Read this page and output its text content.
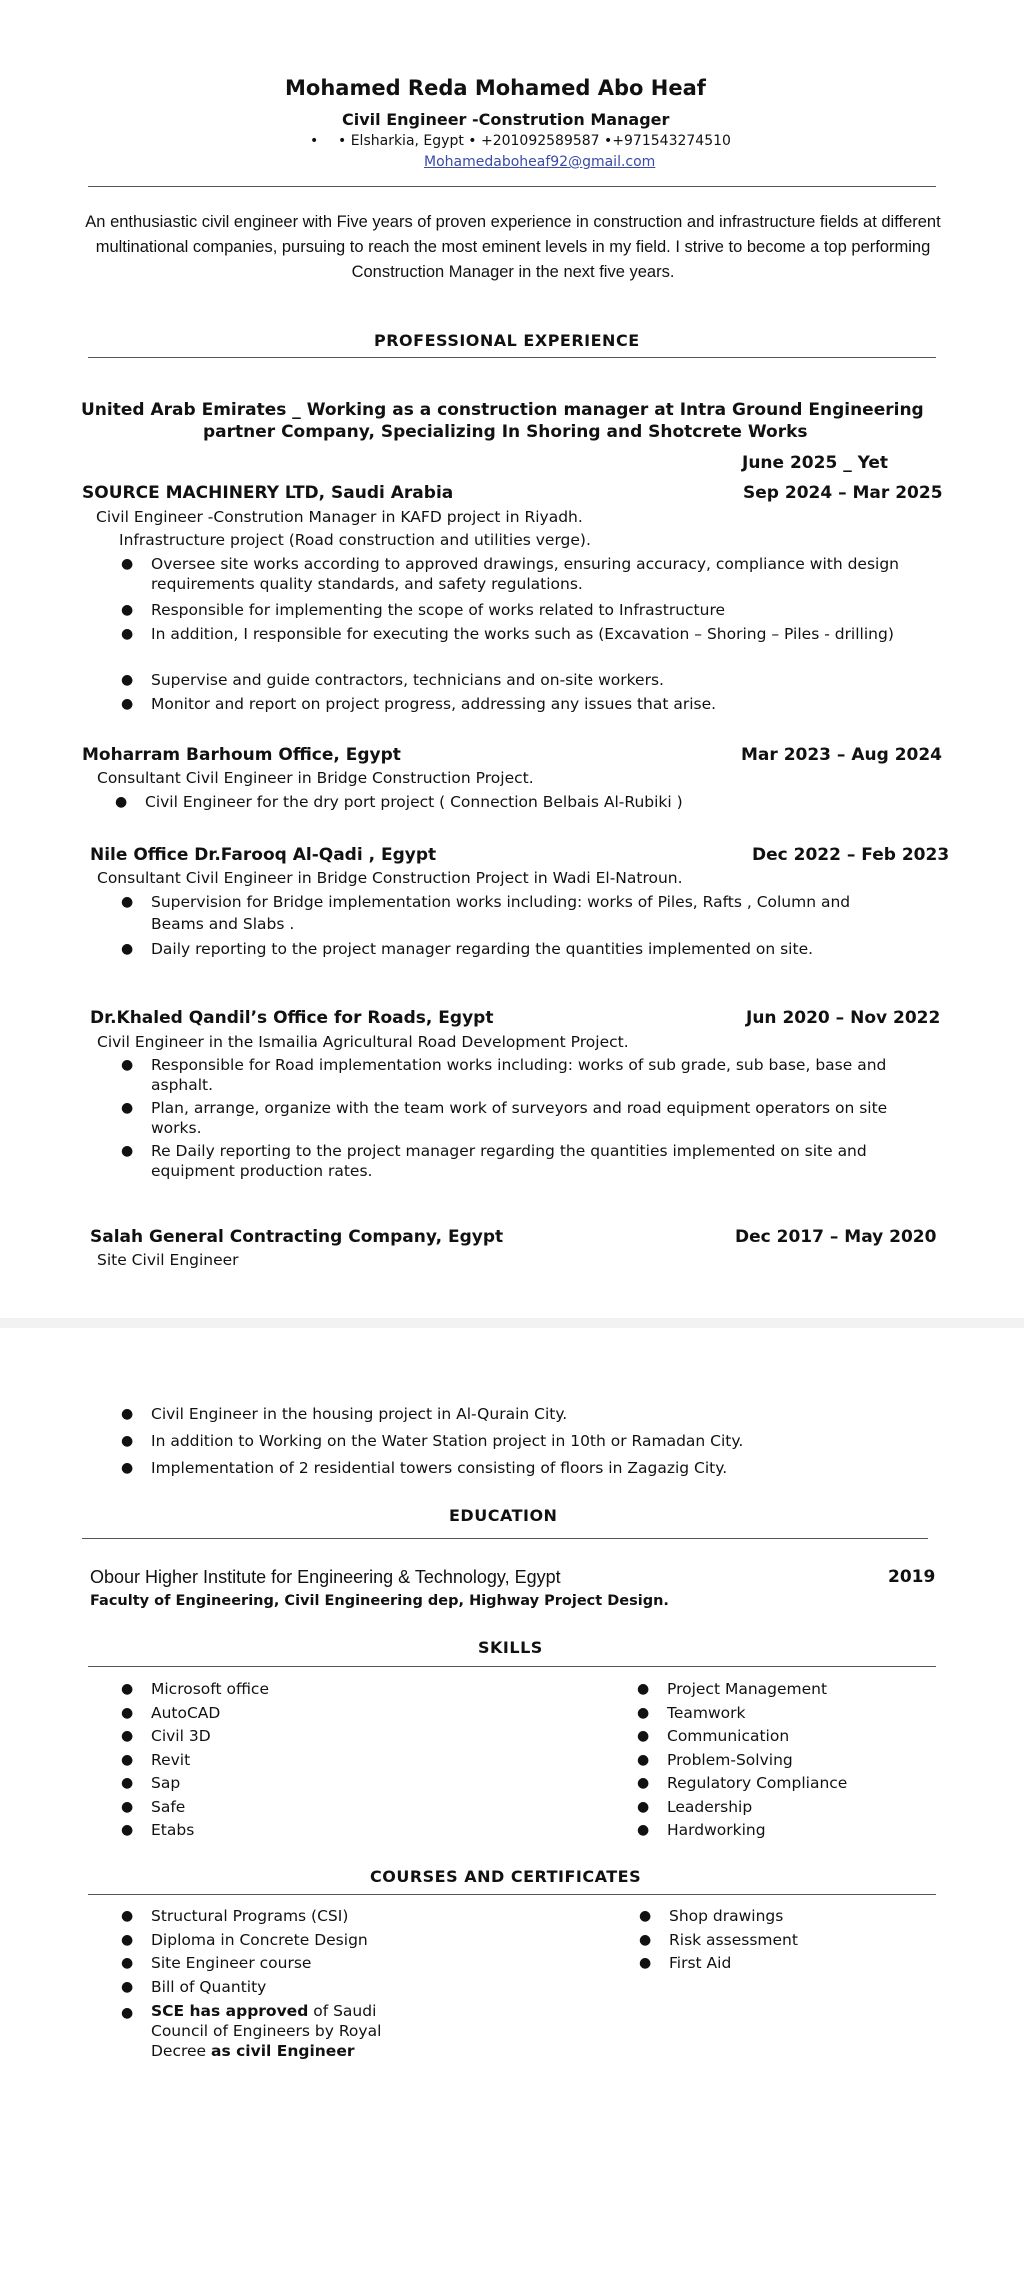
Mohamed Reda Mohamed Abo Heaf
Civil Engineer -Constrution Manager
• • Elsharkia, Egypt • +201092589587 •+971543274510
Mohamedaboheaf92@gmail.com
An enthusiastic civil engineer with Five years of proven experience in construction and infrastructure fields at different multinational companies, pursuing to reach the most eminent levels in my field. I strive to become a top performing Construction Manager in the next five years.
PROFESSIONAL EXPERIENCE
United Arab Emirates _ Working as a construction manager at Intra Ground Engineering
partner Company, Specializing In Shoring and Shotcrete Works
June 2025 _ Yet
SOURCE MACHINERY LTD, Saudi Arabia	Sep 2024 – Mar 2025
Civil Engineer -Constrution Manager in KAFD project in Riyadh.
Infrastructure project (Road construction and utilities verge).
● Oversee site works according to approved drawings, ensuring accuracy, compliance with design requirements quality standards, and safety regulations.
● Responsible for implementing the scope of works related to Infrastructure
● In addition, I responsible for executing the works such as (Excavation – Shoring – Piles - drilling)
● Supervise and guide contractors, technicians and on-site workers.
● Monitor and report on project progress, addressing any issues that arise.
Moharram Barhoum Office, Egypt	Mar 2023 – Aug 2024
Consultant Civil Engineer in Bridge Construction Project.
● Civil Engineer for the dry port project ( Connection Belbais Al-Rubiki )
Nile Office Dr.Farooq Al-Qadi , Egypt	Dec 2022 – Feb 2023
Consultant Civil Engineer in Bridge Construction Project in Wadi El-Natroun.
● Supervision for Bridge implementation works including: works of Piles, Rafts , Column and Beams and Slabs .
● Daily reporting to the project manager regarding the quantities implemented on site.
Dr.Khaled Qandil’s Office for Roads, Egypt	Jun 2020 – Nov 2022
Civil Engineer in the Ismailia Agricultural Road Development Project.
● Responsible for Road implementation works including: works of sub grade, sub base, base and asphalt.
● Plan, arrange, organize with the team work of surveyors and road equipment operators on site works.
● Re Daily reporting to the project manager regarding the quantities implemented on site and equipment production rates.
Salah General Contracting Company, Egypt	Dec 2017 – May 2020
Site Civil Engineer
● Civil Engineer in the housing project in Al-Qurain City.
● In addition to Working on the Water Station project in 10th or Ramadan City.
● Implementation of 2 residential towers consisting of floors in Zagazig City.
EDUCATION
Obour Higher Institute for Engineering & Technology, Egypt	2019
Faculty of Engineering, Civil Engineering dep, Highway Project Design.
SKILLS
● Microsoft office
● AutoCAD
● Civil 3D
● Revit
● Sap
● Safe
● Etabs
● Project Management
● Teamwork
● Communication
● Problem-Solving
● Regulatory Compliance
● Leadership
● Hardworking
COURSES AND CERTIFICATES
● Structural Programs (CSI)
● Diploma in Concrete Design
● Site Engineer course
● Bill of Quantity
● SCE has approved of Saudi
Council of Engineers by Royal
Decree as civil Engineer
● Shop drawings
● Risk assessment
● First Aid
